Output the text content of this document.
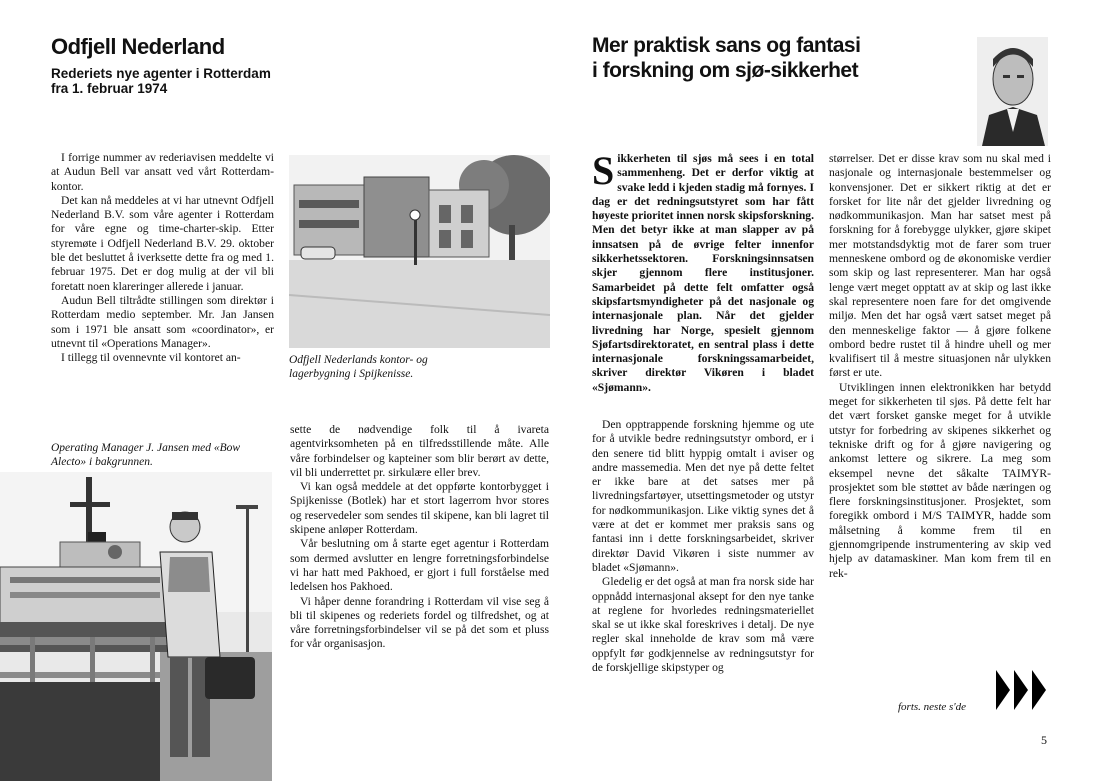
Odfjell Nederland
Rederiets nye agenter i Rotterdam
fra 1. februar 1974

I forrige nummer av rederiavisen meddelte vi at Audun Bell var ansatt ved vårt Rotterdam-kontor.

Det kan nå meddeles at vi har utnevnt Odfjell Nederland B.V. som våre agenter i Rotterdam for våre egne og time-charter-skip. Etter styremøte i Odfjell Nederland B.V. 29. oktober ble det besluttet å iverksette dette fra og med 1. februar 1975. Det er dog mulig at der vil bli foretatt noen klareringer allerede i januar.

Audun Bell tiltrådte stillingen som direktør i Rotterdam medio september. Mr. Jan Jansen som i 1971 ble ansatt som «coordinator», er utnevnt til «Operations Manager».

I tillegg til ovennevnte vil kontoret an-

Operating Manager J. Jansen med «Bow Alecto» i bakgrunnen.
Odfjell Nederlands kontor- og lagerbygning i Spijkenisse.

sette de nødvendige folk til å ivareta agentvirksomheten på en tilfredsstillende måte. Alle våre forbindelser og kapteiner som blir berørt av dette, vil bli underrettet pr. sirkulære eller brev.

Vi kan også meddele at det oppførte kontorbygget i Spijkenisse (Botlek) har et stort lagerrom hvor stores og reservedeler som sendes til skipene, kan bli lagret til skipene anløper Rotterdam.

Vår beslutning om å starte eget agentur i Rotterdam som dermed avslutter en lengre forretningsforbindelse vi har hatt med Pakhoed, er gjort i full forståelse med ledelsen hos Pakhoed.

Vi håper denne forandring i Rotterdam vil vise seg å bli til skipenes og rederiets fordel og tilfredshet, og at våre forretningsforbindelser vil se på det som et pluss for vår organisasjon.

Mer praktisk sans og fantasi
i forskning om sjø-sikkerhet
Sikkerheten til sjøs må sees i en total sammenheng. Det er derfor viktig at svake ledd i kjeden stadig må fornyes. I dag er det redningsutstyret som har fått høyeste prioritet innen norsk skipsforskning. Men det betyr ikke at man slapper av på innsatsen på de øvrige felter innenfor sikkerhetssektoren. Forskningsinnsatsen skjer gjennom flere institusjoner. Samarbeidet på dette felt omfatter også skipsfartsmyndigheter på det nasjonale og internasjonale plan. Når det gjelder livredning har Norge, spesielt gjennom Sjøfartsdirektoratet, en sentral plass i dette internasjonale forskningssamarbeidet, skriver direktør Vikøren i bladet «Sjømann».

Den opptrappende forskning hjemme og ute for å utvikle bedre redningsutstyr ombord, er i den senere tid blitt hyppig omtalt i aviser og andre massemedia. Men det nye på dette feltet er ikke bare at det satses mer på livredningsfartøyer, utsettingsmetoder og utstyr for nødkommunikasjon. Like viktig synes det å være at det er kommet mer praksis sans og fantasi inn i dette forskningsarbeidet, skriver direktør David Vikøren i siste nummer av bladet «Sjømann».

Gledelig er det også at man fra norsk side har oppnådd internasjonal aksept for den nye tanke at reglene for hvorledes redningsmateriellet skal se ut ikke skal foreskrives i detalj. De nye regler skal inneholde de krav som må være oppfylt før godkjennelse av redningsutstyr for de forskjellige skipstyper og

størrelser. Det er disse krav som nu skal med i nasjonale og internasjonale bestemmelser og konvensjoner. Det er sikkert riktig at det er forsket for lite når det gjelder livredning og nødkommunikasjon. Man har satset mest på forskning for å forebygge ulykker, gjøre skipet mer motstandsdyktig mot de farer som truer menneskene ombord og de økonomiske verdier som skip og last representerer. Man har også lenge vært meget opptatt av at skip og last ikke skal representere noen fare for det omgivende miljø. Men det har også vært satset meget på den menneskelige faktor — å gjøre folkene ombord bedre rustet til å hindre uhell og mer kvalifisert til å mestre situasjonen når ulykken først er ute.

Utviklingen innen elektronikken har betydd meget for sikkerheten til sjøs. På dette felt har det vært forsket ganske meget for å utvikle utstyr for forbedring av skipenes sikkerhet og tekniske drift og for å gjøre navigering og ankomst lettere og sikrere. La meg som eksempel nevne det såkalte TAIMYR-prosjektet som ble støttet av både næringen og flere forskningsinstitusjoner. Prosjektet, som foregikk ombord i M/S TAIMYR, hadde som målsetning å komme frem til en gjennomgripende instrumentering av skip ved hjelp av datamaskiner. Man kom frem til en rek-

forts. neste s'de
5
